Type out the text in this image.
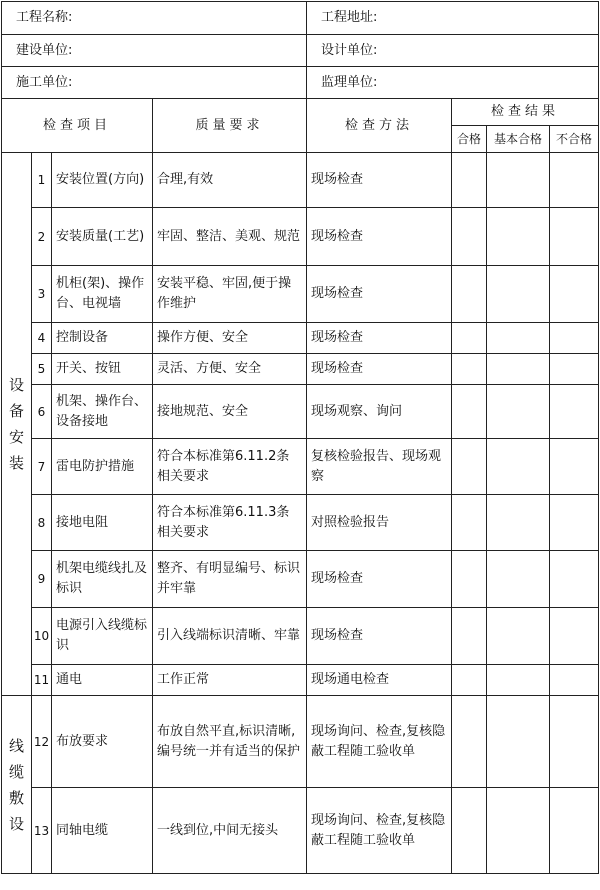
工程名称:				工程地址:			
建设单位:				设计单位:			
施工单位:				监理单位:			
检查项目			质量要求	检查方法	检查结果		
					合格	基本合格	不合格
设
备
安
装	1	安装位置(方向)	合理,有效	现场检查			
	2	安装质量(工艺)	牢固、整洁、美观、规范	现场检查			
	3	机柜(架)、操作台、电视墙	安装平稳、牢固,便于操作维护	现场检查			
	4	控制设备	操作方便、安全	现场检查			
	5	开关、按钮	灵活、方便、安全	现场检查			
	6	机架、操作台、设备接地	接地规范、安全	现场观察、询问			
	7	雷电防护措施	符合本标准第6.11.2条相关要求	复核检验报告、现场观察			
	8	接地电阻	符合本标准第6.11.3条相关要求	对照检验报告			
	9	机架电缆线扎及标识	整齐、有明显编号、标识并牢靠	现场检查			
	10	电源引入线缆标识	引入线端标识清晰、牢靠	现场检查			
	11	通电	工作正常	现场通电检查			
线
缆
敷
设	12	布放要求	布放自然平直,标识清晰,编号统一并有适当的保护	现场询问、检查,复核隐蔽工程随工验收单			
	13	同轴电缆	一线到位,中间无接头	现场询问、检查,复核隐蔽工程随工验收单			
